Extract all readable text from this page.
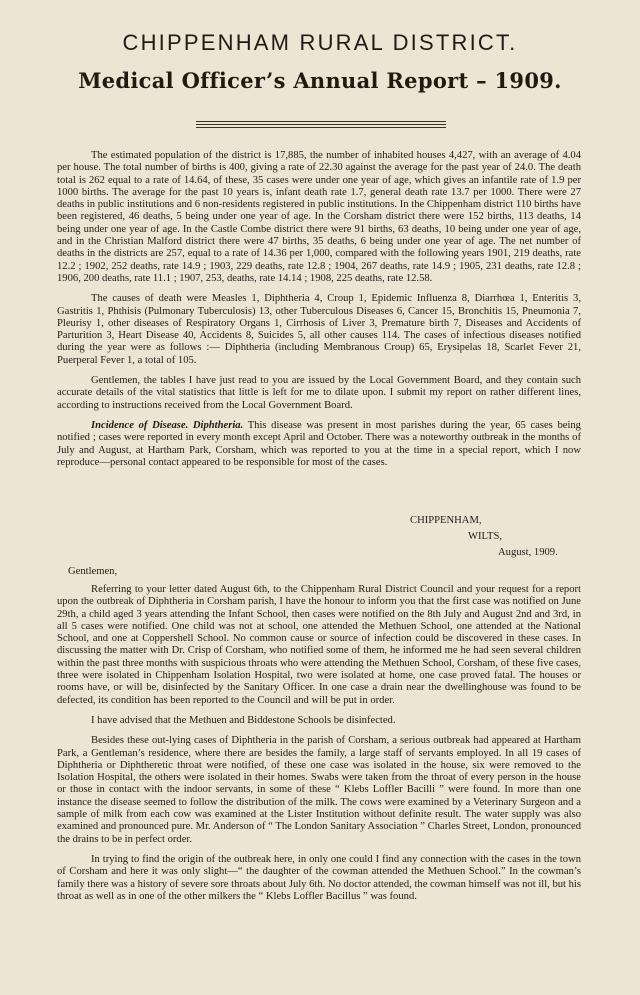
CHIPPENHAM RURAL DISTRICT.
Medical Officer’s Annual Report – 1909.

The estimated population of the district is 17,885, the number of inhabited houses 4,427, with an average of 4.04 per house. The total number of births is 400, giving a rate of 22.30 against the average for the past year of 24.0. The death total is 262 equal to a rate of 14.64, of these, 35 cases were under one year of age, which gives an infantile rate of 1.9 per 1000 births. The average for the past 10 years is, infant death rate 1.7, general death rate 13.7 per 1000. There were 27 deaths in public institutions and 6 non-residents registered in public institutions. In the Chippenham district 110 births have been registered, 46 deaths, 5 being under one year of age. In the Corsham district there were 152 births, 113 deaths, 14 being under one year of age. In the Castle Combe district there were 91 births, 63 deaths, 10 being under one year of age, and in the Christian Malford district there were 47 births, 35 deaths, 6 being under one year of age. The net number of deaths in the districts are 257, equal to a rate of 14.36 per 1,000, compared with the following years 1901, 219 deaths, rate 12.2 ; 1902, 252 deaths, rate 14.9 ; 1903, 229 deaths, rate 12.8 ; 1904, 267 deaths, rate 14.9 ; 1905, 231 deaths, rate 12.8 ; 1906, 200 deaths, rate 11.1 ; 1907, 253, deaths, rate 14.14 ; 1908, 225 deaths, rate 12.58.

The causes of death were Measles 1, Diphtheria 4, Croup 1, Epidemic Influenza 8, Diarrhœa 1, Enteritis 3, Gastritis 1, Phthisis (Pulmonary Tuberculosis) 13, other Tuberculous Diseases 6, Cancer 15, Bronchitis 15, Pneumonia 7, Pleurisy 1, other diseases of Respiratory Organs 1, Cirrhosis of Liver 3, Premature birth 7, Diseases and Accidents of Parturition 3, Heart Disease 40, Accidents 8, Suicides 5, all other causes 114. The cases of infectious diseases notified during the year were as follows :— Diphtheria (including Membranous Croup) 65, Erysipelas 18, Scarlet Fever 21, Puerperal Fever 1, a total of 105.

Gentlemen, the tables I have just read to you are issued by the Local Government Board, and they contain such accurate details of the vital statistics that little is left for me to dilate upon. I submit my report on rather different lines, according to instructions received from the Local Government Board.

Incidence of Disease. Diphtheria. This disease was present in most parishes during the year, 65 cases being notified ; cases were reported in every month except April and October. There was a noteworthy outbreak in the months of July and August, at Hartham Park, Corsham, which was reported to you at the time in a special report, which I now reproduce—personal contact appeared to be responsible for most of the cases.

CHIPPENHAM,
WILTS,
August, 1909.
Gentlemen,

Referring to your letter dated August 6th, to the Chippenham Rural District Council and your request for a report upon the outbreak of Diphtheria in Corsham parish, I have the honour to inform you that the first case was notified on June 29th, a child aged 3 years attending the Infant School, then cases were notified on the 8th July and August 2nd and 3rd, in all 5 cases were notified. One child was not at school, one attended the Methuen School, one attended at the National School, and one at Coppershell School. No common cause or source of infection could be discovered in these cases. In discussing the matter with Dr. Crisp of Corsham, who notified some of them, he informed me he had seen several children within the past three months with suspicious throats who were attending the Methuen School, Corsham, of these five cases, three were isolated in Chippenham Isolation Hospital, two were isolated at home, one case proved fatal. The houses or rooms have, or will be, disinfected by the Sanitary Officer. In one case a drain near the dwellinghouse was found to be defected, its condition has been reported to the Council and will be put in order.

I have advised that the Methuen and Biddestone Schools be disinfected.

Besides these out-lying cases of Diphtheria in the parish of Corsham, a serious outbreak had appeared at Hartham Park, a Gentleman’s residence, where there are besides the family, a large staff of servants employed. In all 19 cases of Diphtheria or Diphtheretic throat were notified, of these one case was isolated in the house, six were removed to the Isolation Hospital, the others were isolated in their homes. Swabs were taken from the throat of every person in the house or those in contact with the indoor servants, in some of these “ Klebs Loffler Bacilli ” were found. In more than one instance the disease seemed to follow the distribution of the milk. The cows were examined by a Veterinary Surgeon and a sample of milk from each cow was examined at the Lister Institution without definite result. The water supply was also examined and pronounced pure. Mr. Anderson of “ The London Sanitary Association ” Charles Street, London, pronounced the drains to be in perfect order.

In trying to find the origin of the outbreak here, in only one could I find any connection with the cases in the town of Corsham and here it was only slight—“ the daughter of the cowman attended the Methuen School.” In the cowman’s family there was a history of severe sore throats about July 6th. No doctor attended, the cowman himself was not ill, but his throat as well as in one of the other milkers the “ Klebs Loffler Bacillus ” was found.
